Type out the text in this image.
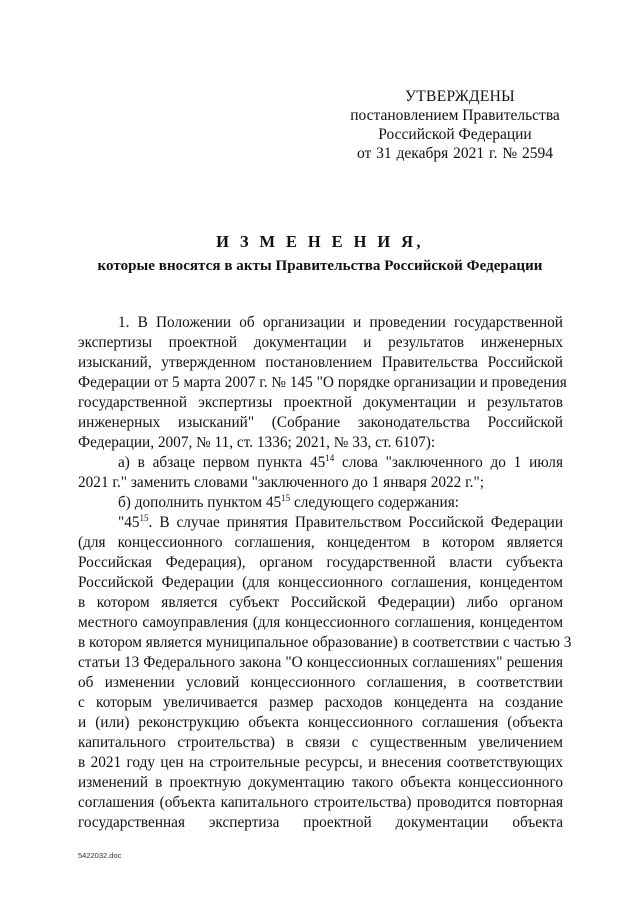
УТВЕРЖДЕНЫ
постановлением Правительства
Российской Федерации
от 31 декабря 2021 г. № 2594
И З М Е Н Е Н И Я,
которые вносятся в акты Правительства Российской Федерации
1. В Положении об организации и проведении государственной
экспертизы проектной документации и результатов инженерных
изысканий, утвержденном постановлением Правительства Российской
Федерации от 5 марта 2007 г. № 145 "О порядке организации и проведения
государственной экспертизы проектной документации и результатов
инженерных изысканий" (Собрание законодательства Российской
Федерации, 2007, № 11, ст. 1336; 2021, № 33, ст. 6107):
а) в абзаце первом пункта $45^{14}$ слова "заключенного до 1 июля
2021 г." заменить словами "заключенного до 1 января 2022 г.";
б) дополнить пунктом $45^{15}$ следующего содержания:
"$45^{15}$. В случае принятия Правительством Российской Федерации
(для концессионного соглашения, концедентом в котором является
Российская Федерация), органом государственной власти субъекта
Российской Федерации (для концессионного соглашения, концедентом
в котором является субъект Российской Федерации) либо органом
местного самоуправления (для концессионного соглашения, концедентом
в котором является муниципальное образование) в соответствии с частью 3
статьи 13 Федерального закона "О концессионных соглашениях" решения
об изменении условий концессионного соглашения, в соответствии
с которым увеличивается размер расходов концедента на создание
и (или) реконструкцию объекта концессионного соглашения (объекта
капитального строительства) в связи с существенным увеличением
в 2021 году цен на строительные ресурсы, и внесения соответствующих
изменений в проектную документацию такого объекта концессионного
соглашения (объекта капитального строительства) проводится повторная
государственная экспертиза проектной документации объекта
5422032.doc
